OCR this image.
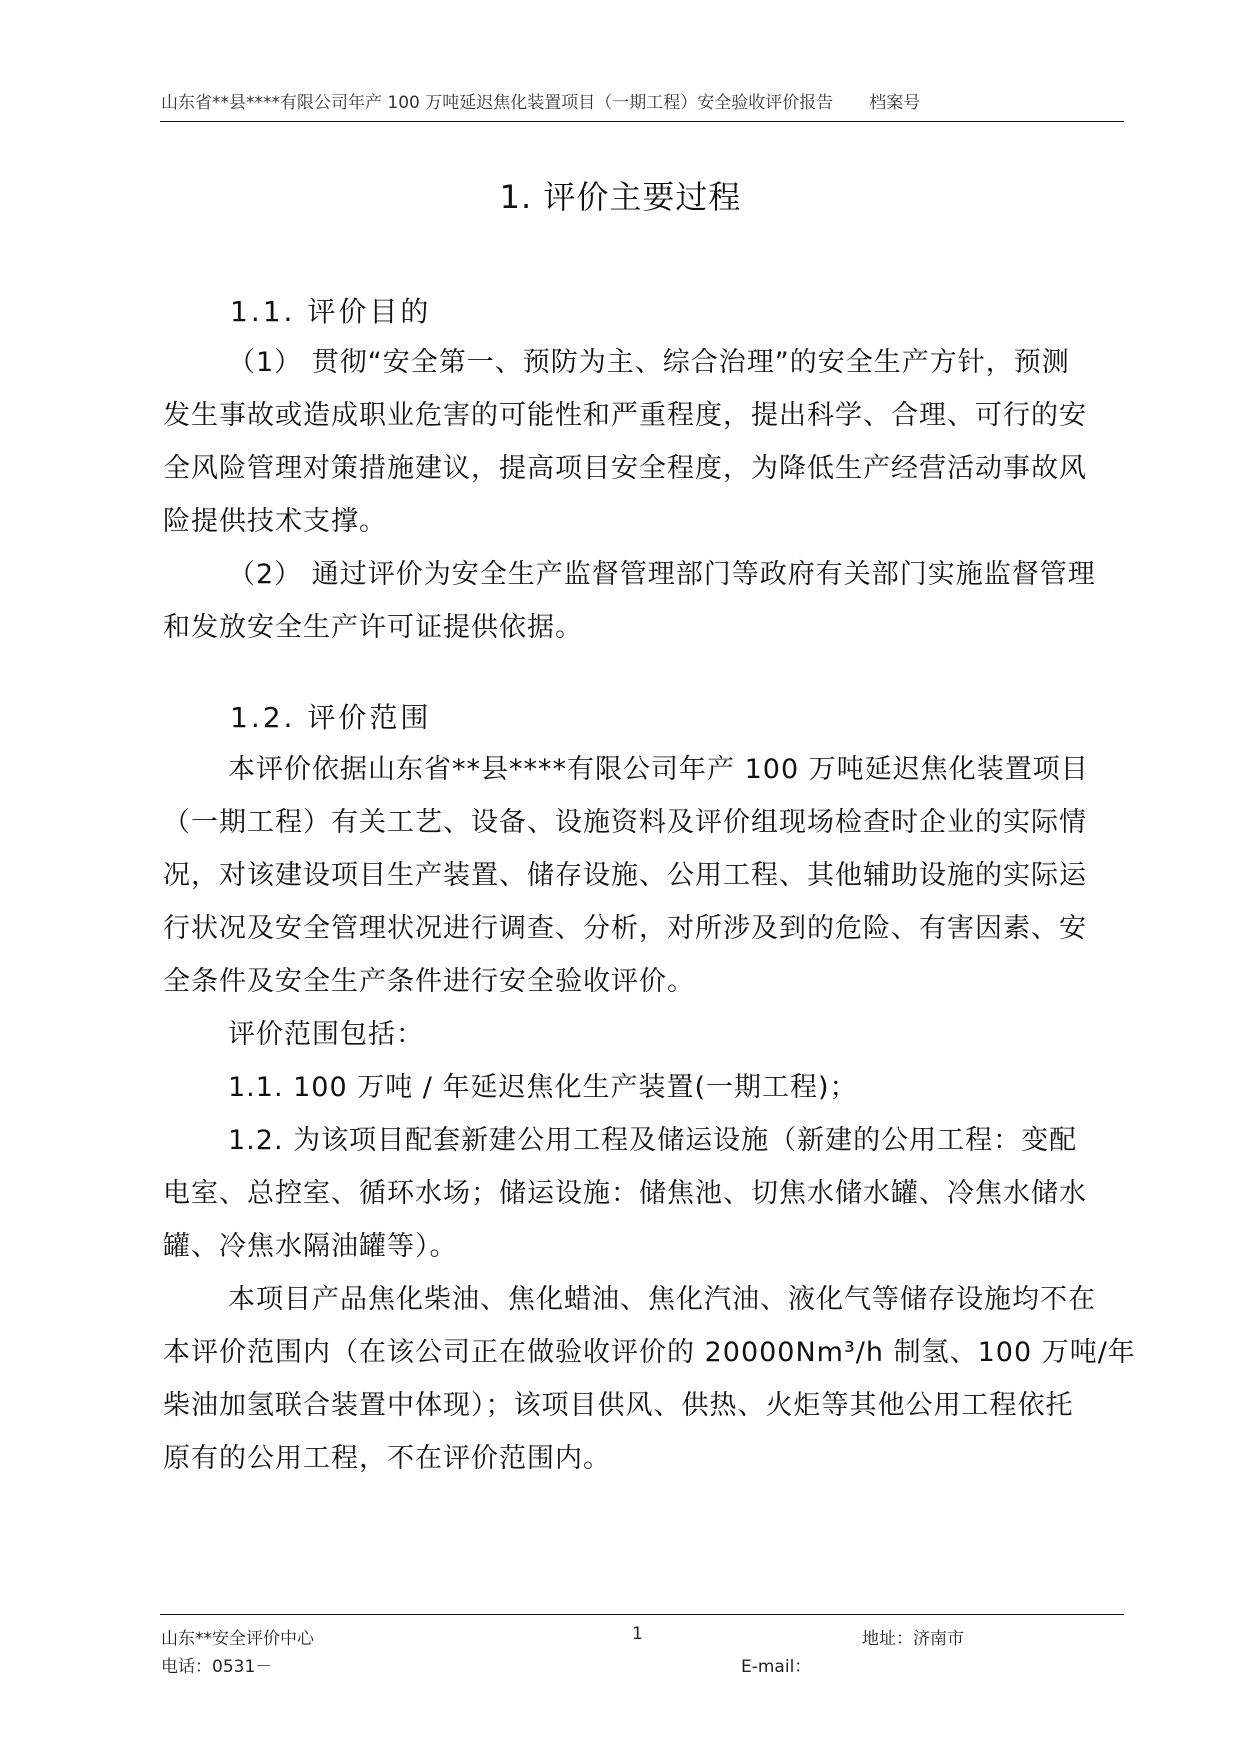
山东省**县****有限公司年产 100 万吨延迟焦化装置项目（一期工程）安全验收评价报告 档案号
1. 评价主要过程
1.1. 评价目的
（1） 贯彻“安全第一、预防为主、综合治理”的安全生产方针，预测
发生事故或造成职业危害的可能性和严重程度，提出科学、合理、可行的安
全风险管理对策措施建议，提高项目安全程度，为降低生产经营活动事故风
险提供技术支撑。
（2） 通过评价为安全生产监督管理部门等政府有关部门实施监督管理
和发放安全生产许可证提供依据。
1.2. 评价范围
本评价依据山东省**县****有限公司年产 100 万吨延迟焦化装置项目
（一期工程）有关工艺、设备、设施资料及评价组现场检查时企业的实际情
况，对该建设项目生产装置、储存设施、公用工程、其他辅助设施的实际运
行状况及安全管理状况进行调查、分析，对所涉及到的危险、有害因素、安
全条件及安全生产条件进行安全验收评价。
评价范围包括：
1.1. 100 万吨 / 年延迟焦化生产装置(一期工程)；
1.2. 为该项目配套新建公用工程及储运设施（新建的公用工程：变配
电室、总控室、循环水场；储运设施：储焦池、切焦水储水罐、冷焦水储水
罐、冷焦水隔油罐等）。
本项目产品焦化柴油、焦化蜡油、焦化汽油、液化气等储存设施均不在
本评价范围内（在该公司正在做验收评价的 20000Nm³/h 制氢、100 万吨/年
柴油加氢联合装置中体现）；该项目供风、供热、火炬等其他公用工程依托
原有的公用工程，不在评价范围内。
山东**安全评价中心	1	地址：济南市
电话：0531－	E-mail：
